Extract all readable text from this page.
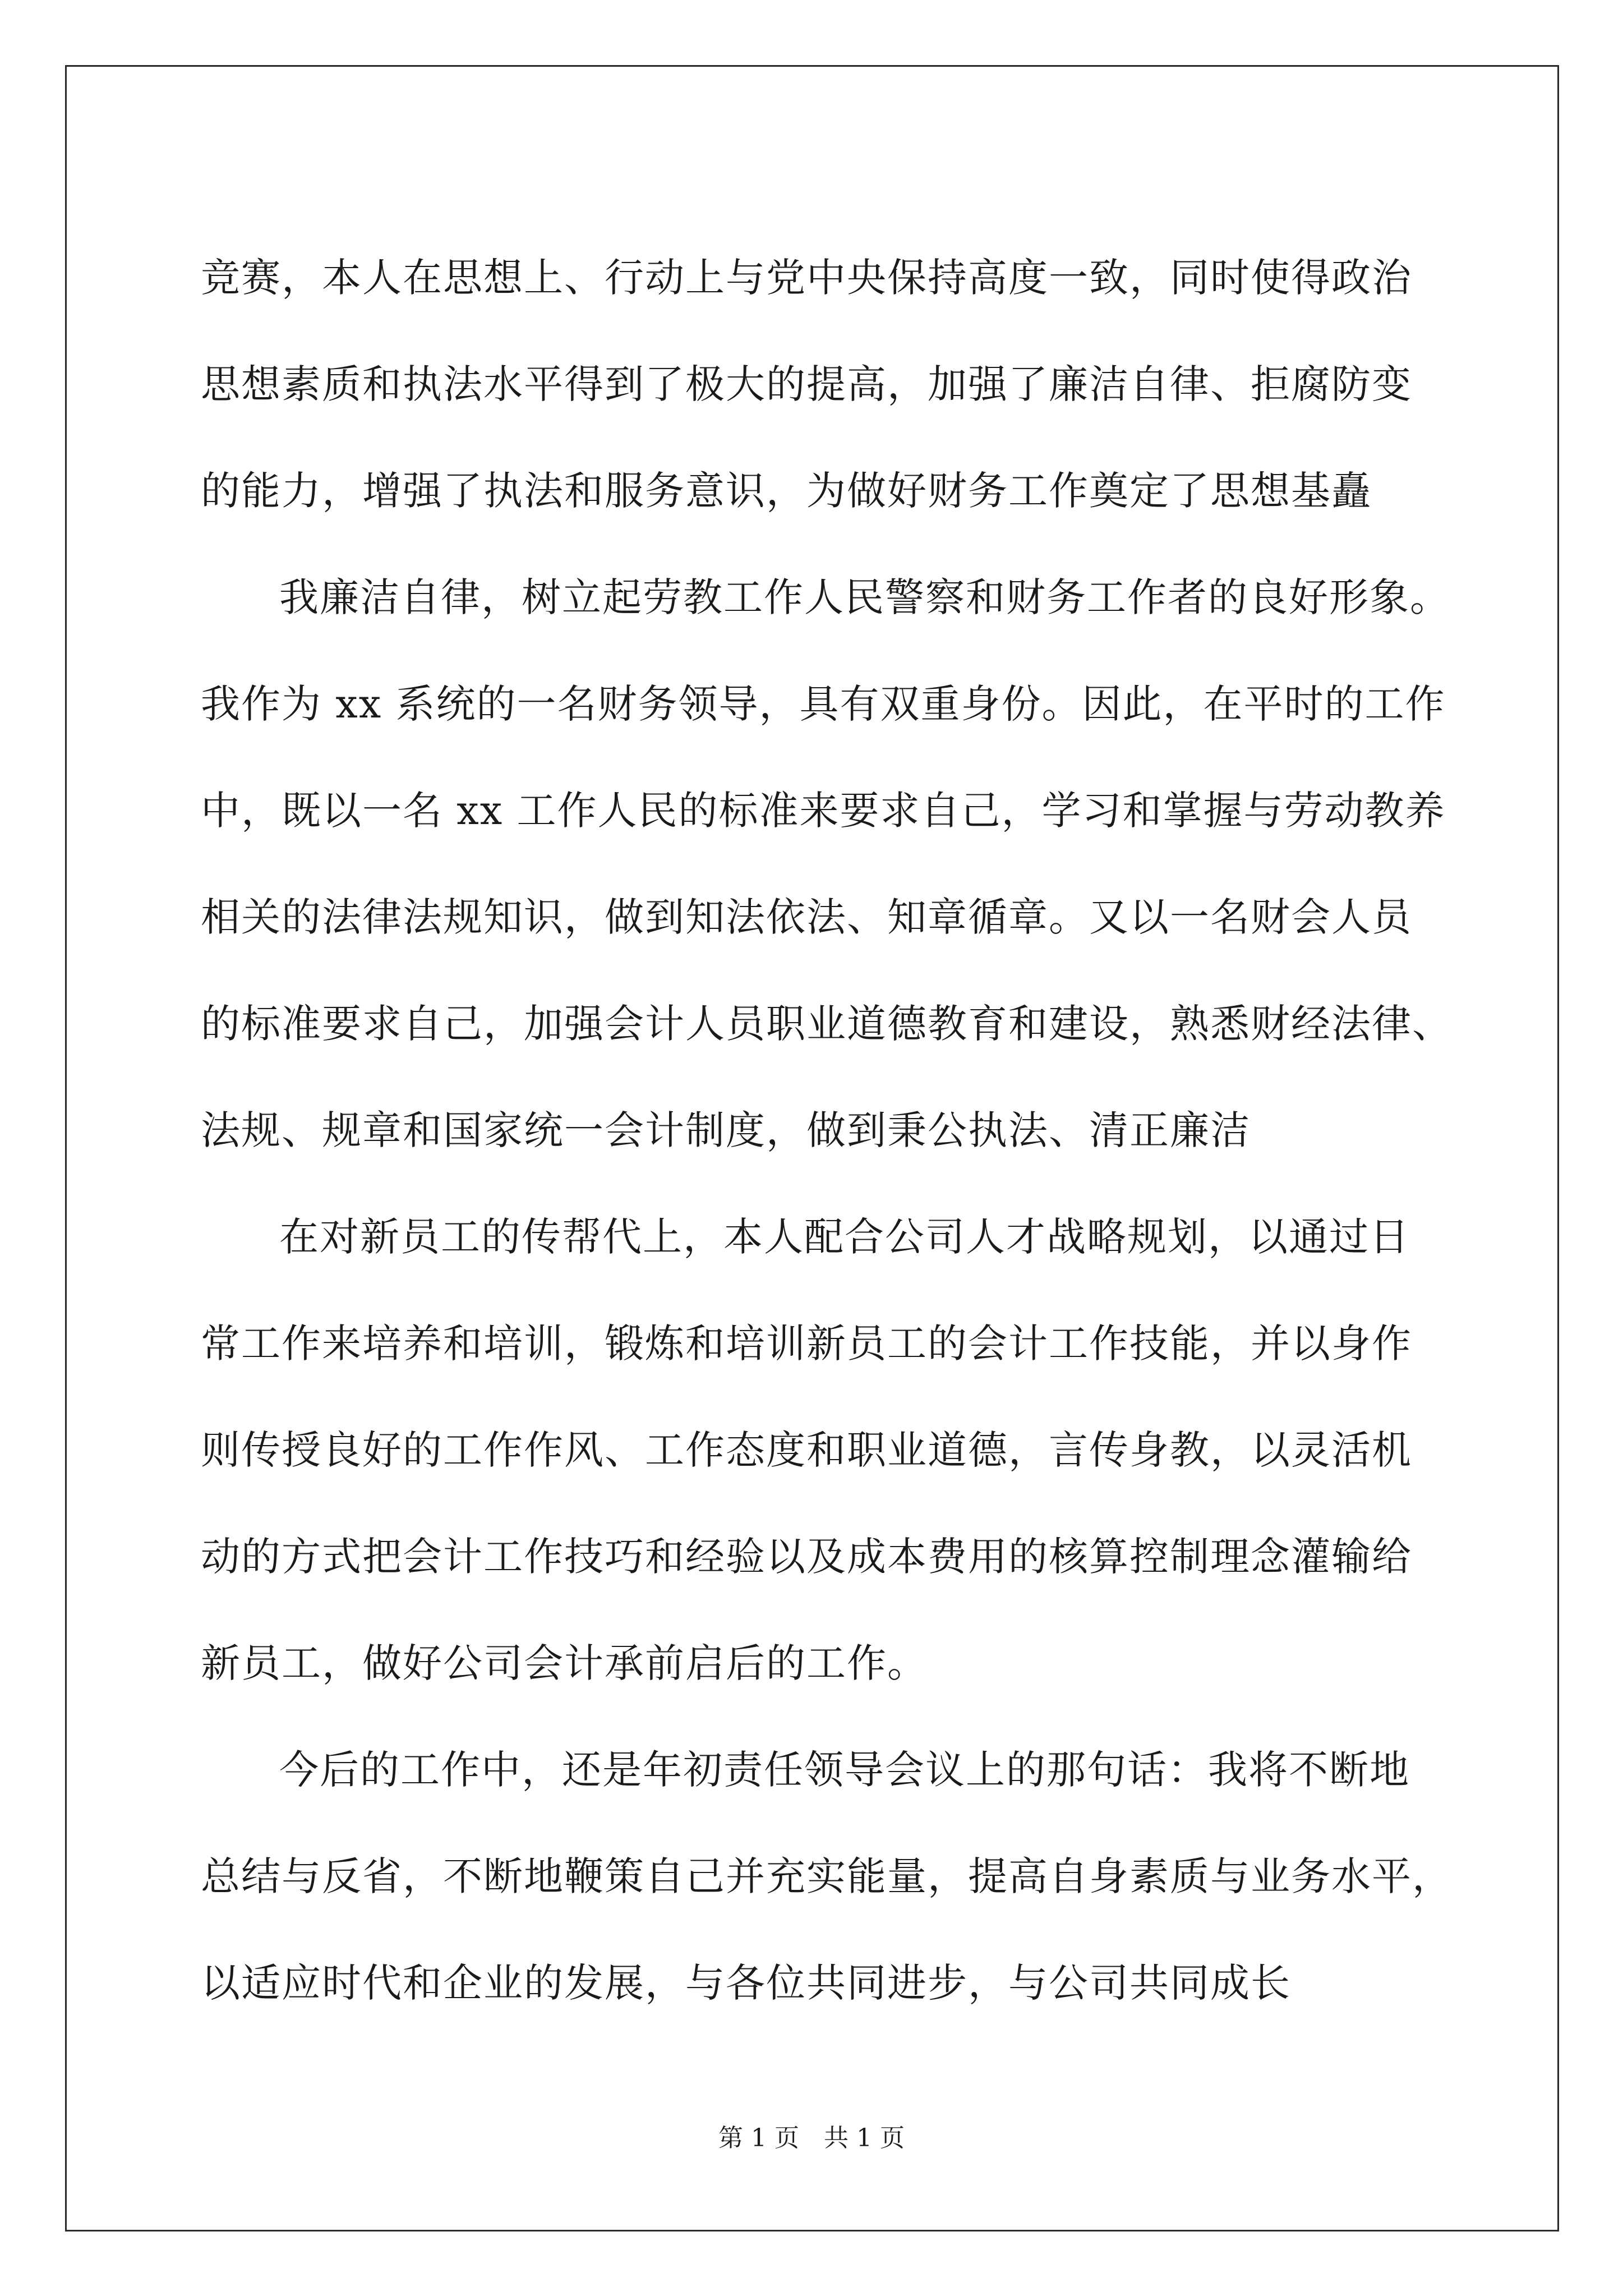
竞赛，本人在思想上、行动上与党中央保持高度一致，同时使得政治
思想素质和执法水平得到了极大的提高，加强了廉洁自律、拒腐防变
的能力，增强了执法和服务意识，为做好财务工作奠定了思想基矗
我廉洁自律，树立起劳教工作人民警察和财务工作者的良好形象。
我作为 xx 系统的一名财务领导，具有双重身份。因此，在平时的工作
中，既以一名 xx 工作人民的标准来要求自己，学习和掌握与劳动教养
相关的法律法规知识，做到知法依法、知章循章。又以一名财会人员
的标准要求自己，加强会计人员职业道德教育和建设，熟悉财经法律、
法规、规章和国家统一会计制度，做到秉公执法、清正廉洁
在对新员工的传帮代上，本人配合公司人才战略规划，以通过日
常工作来培养和培训，锻炼和培训新员工的会计工作技能，并以身作
则传授良好的工作作风、工作态度和职业道德，言传身教，以灵活机
动的方式把会计工作技巧和经验以及成本费用的核算控制理念灌输给
新员工，做好公司会计承前启后的工作。
今后的工作中，还是年初责任领导会议上的那句话：我将不断地
总结与反省，不断地鞭策自己并充实能量，提高自身素质与业务水平，
以适应时代和企业的发展，与各位共同进步，与公司共同成长
第 1 页　共 1 页
